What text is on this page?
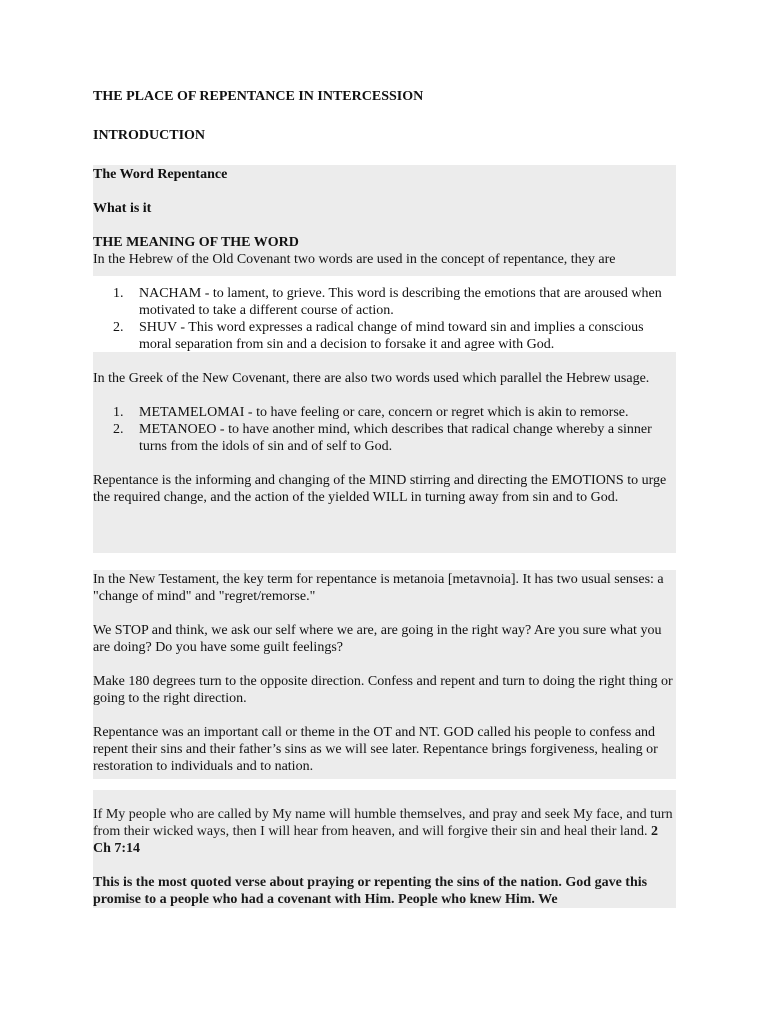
THE PLACE OF REPENTANCE IN INTERCESSION
INTRODUCTION

The Word Repentance

What is it

THE MEANING OF THE WORD

In the Hebrew of the Old Covenant two words are used in the concept of repentance, they are

1. NACHAM - to lament, to grieve. This word is describing the emotions that are aroused when motivated to take a different course of action.
2. SHUV - This word expresses a radical change of mind toward sin and implies a conscious moral separation from sin and a decision to forsake it and agree with God.

In the Greek of the New Covenant, there are also two words used which parallel the Hebrew usage.

1. METAMELOMAI - to have feeling or care, concern or regret which is akin to remorse.
2. METANOEO - to have another mind, which describes that radical change whereby a sinner turns from the idols of sin and of self to God.

Repentance is the informing and changing of the MIND stirring and directing the EMOTIONS to urge the required change, and the action of the yielded WILL in turning away from sin and to God.

In the New Testament, the key term for repentance is metanoia [metavnoia]. It has two usual senses: a "change of mind" and "regret/remorse."

We STOP and think, we ask our self where we are, are going in the right way? Are you sure what you are doing? Do you have some guilt feelings?

Make 180 degrees turn to the opposite direction. Confess and repent and turn to doing the right thing or going to the right direction.

Repentance was an important call or theme in the OT and NT. GOD called his people to confess and repent their sins and their father’s sins as we will see later. Repentance brings forgiveness, healing or restoration to individuals and to nation.

If My people who are called by My name will humble themselves, and pray and seek My face, and turn from their wicked ways, then I will hear from heaven, and will forgive their sin and heal their land. 2 Ch 7:14

This is the most quoted verse about praying or repenting the sins of the nation. God gave this promise to a people who had a covenant with Him. People who knew Him. We
